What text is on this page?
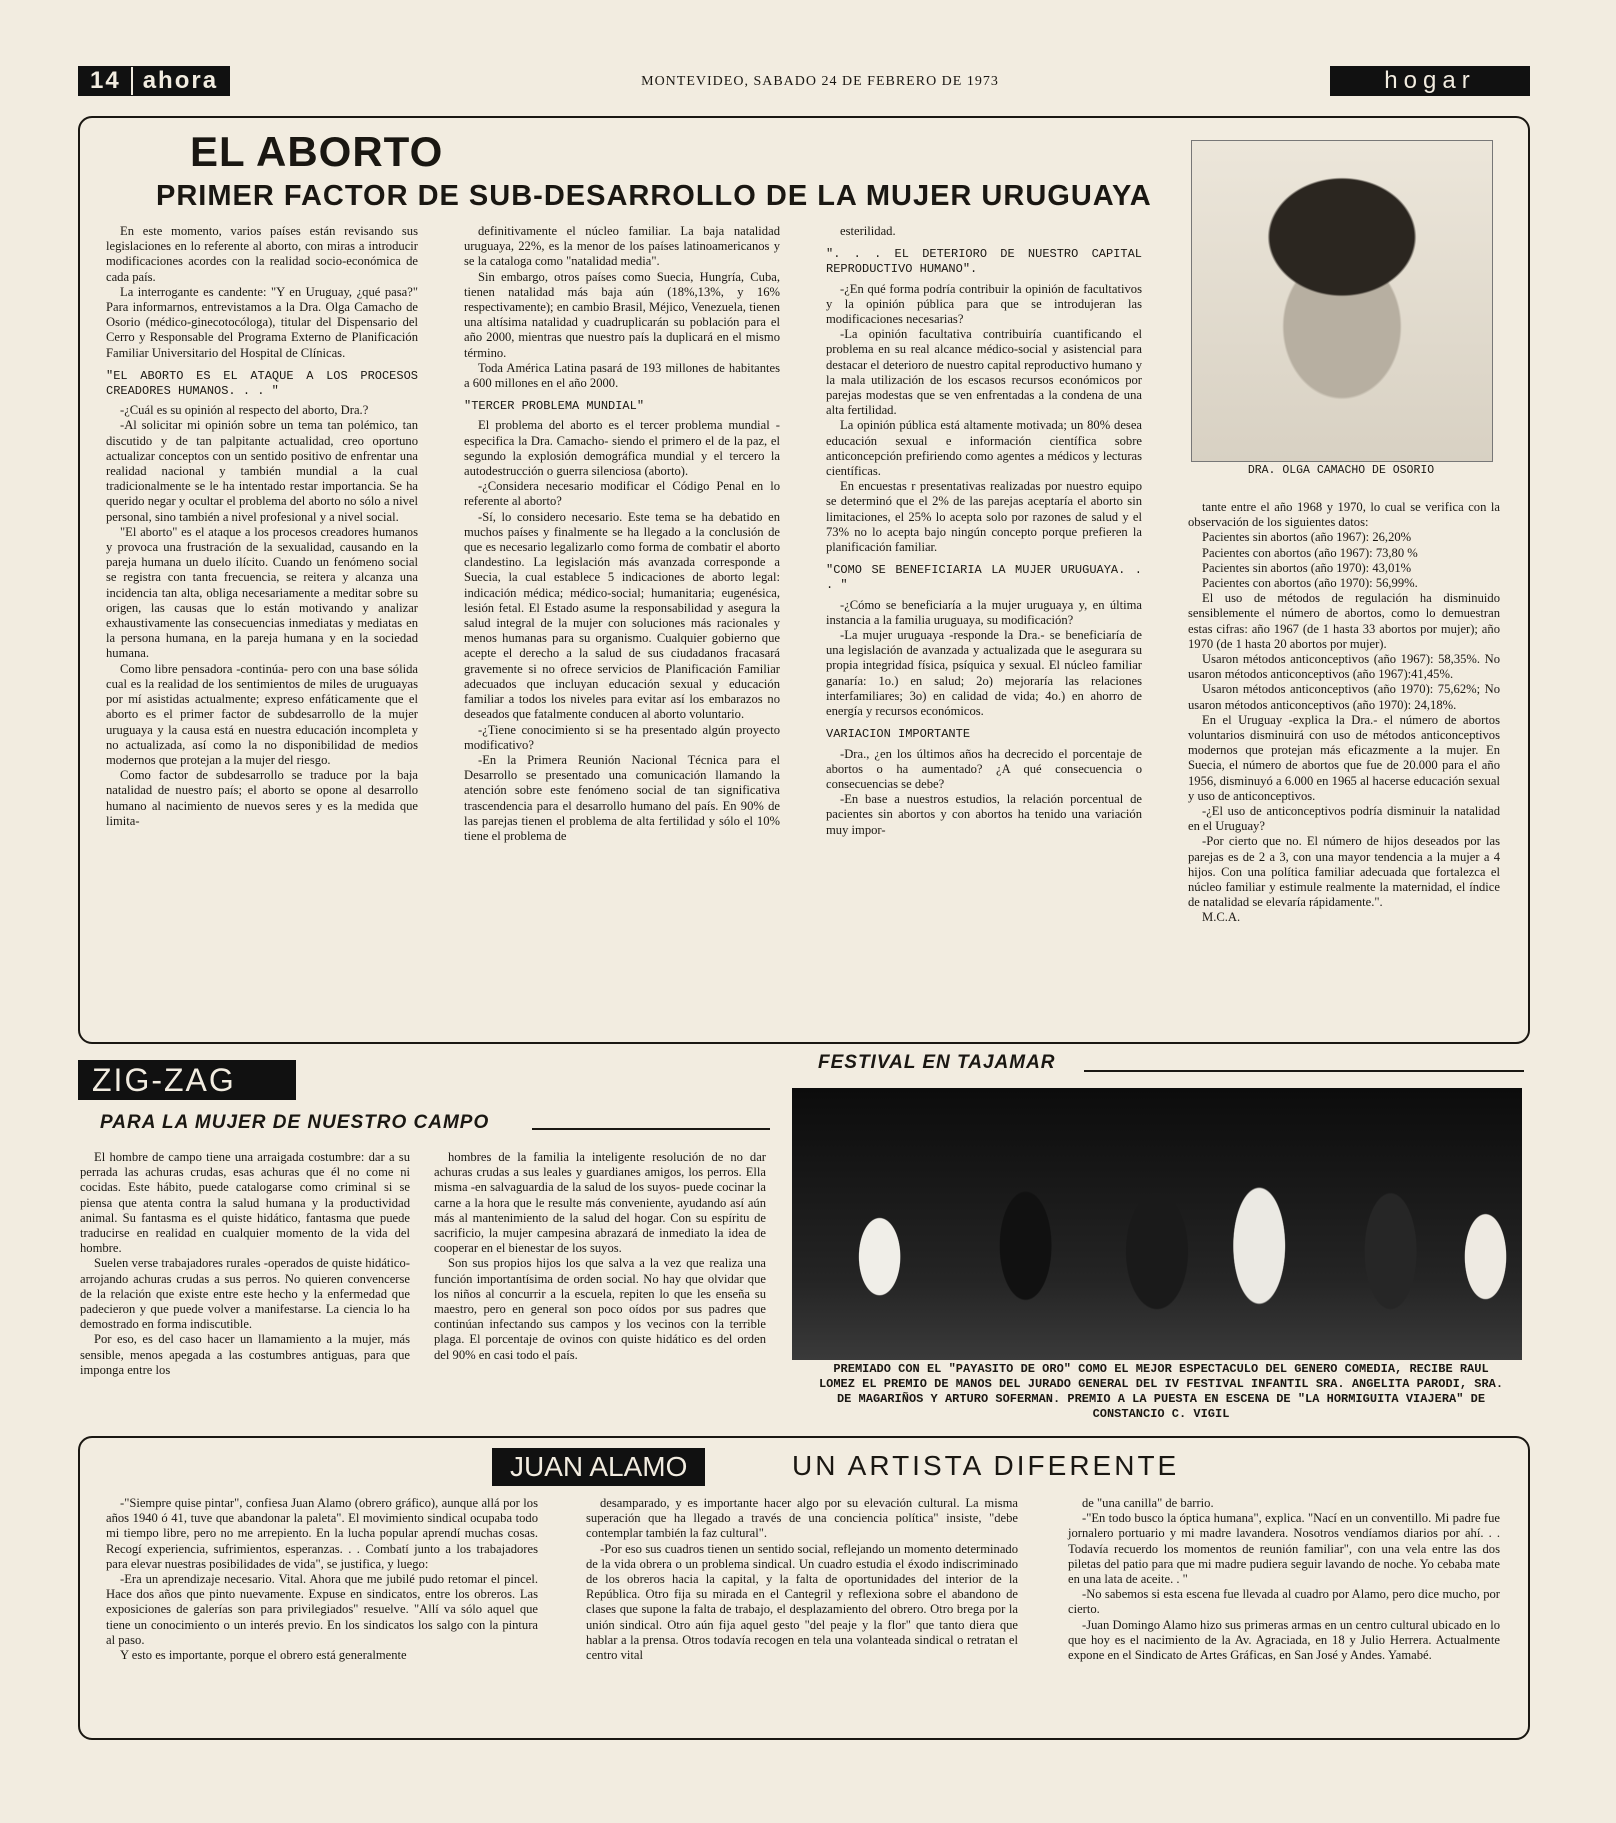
14 ahora	MONTEVIDEO, SABADO 24 DE FEBRERO DE 1973	hogar
EL ABORTO
PRIMER FACTOR DE SUB-DESARROLLO DE LA MUJER URUGUAYA

En este momento, varios países están revisando sus legislaciones en lo referente al aborto, con miras a introducir modificaciones acordes con la realidad socio-económica de cada país.

La interrogante es candente: "Y en Uruguay, ¿qué pasa?" Para informarnos, entrevistamos a la Dra. Olga Camacho de Osorio (médico-ginecotocóloga), titular del Dispensario del Cerro y Responsable del Programa Externo de Planificación Familiar Universitario del Hospital de Clínicas.

"EL ABORTO ES EL ATAQUE A LOS PROCESOS CREADORES HUMANOS. . . "

-¿Cuál es su opinión al respecto del aborto, Dra.?

-Al solicitar mi opinión sobre un tema tan polémico, tan discutido y de tan palpitante actualidad, creo oportuno actualizar conceptos con un sentido positivo de enfrentar una realidad nacional y también mundial a la cual tradicionalmente se le ha intentado restar importancia. Se ha querido negar y ocultar el problema del aborto no sólo a nivel personal, sino también a nivel profesional y a nivel social.

"El aborto" es el ataque a los procesos creadores humanos y provoca una frustración de la sexualidad, causando en la pareja humana un duelo ilícito. Cuando un fenómeno social se registra con tanta frecuencia, se reitera y alcanza una incidencia tan alta, obliga necesariamente a meditar sobre su origen, las causas que lo están motivando y analizar exhaustivamente las consecuencias inmediatas y mediatas en la persona humana, en la pareja humana y en la sociedad humana.

Como libre pensadora -continúa- pero con una base sólida cual es la realidad de los sentimientos de miles de uruguayas por mí asistidas actualmente; expreso enfáticamente que el aborto es el primer factor de subdesarrollo de la mujer uruguaya y la causa está en nuestra educación incompleta y no actualizada, así como la no disponibilidad de medios modernos que protejan a la mujer del riesgo.

Como factor de subdesarrollo se traduce por la baja natalidad de nuestro país; el aborto se opone al desarrollo humano al nacimiento de nuevos seres y es la medida que limita-

definitivamente el núcleo familiar. La baja natalidad uruguaya, 22%, es la menor de los países latinoamericanos y se la cataloga como "natalidad media".

Sin embargo, otros países como Suecia, Hungría, Cuba, tienen natalidad más baja aún (18%,13%, y 16% respectivamente); en cambio Brasil, Méjico, Venezuela, tienen una altísima natalidad y cuadruplicarán su población para el año 2000, mientras que nuestro país la duplicará en el mismo término.

Toda América Latina pasará de 193 millones de habitantes a 600 millones en el año 2000.

"TERCER PROBLEMA MUNDIAL"

El problema del aborto es el tercer problema mundial -especifica la Dra. Camacho- siendo el primero el de la paz, el segundo la explosión demográfica mundial y el tercero la autodestrucción o guerra silenciosa (aborto).

-¿Considera necesario modificar el Código Penal en lo referente al aborto?

-Sí, lo considero necesario. Este tema se ha debatido en muchos países y finalmente se ha llegado a la conclusión de que es necesario legalizarlo como forma de combatir el aborto clandestino. La legislación más avanzada corresponde a Suecia, la cual establece 5 indicaciones de aborto legal: indicación médica; médico-social; humanitaria; eugenésica, lesión fetal. El Estado asume la responsabilidad y asegura la salud integral de la mujer con soluciones más racionales y menos humanas para su organismo. Cualquier gobierno que acepte el derecho a la salud de sus ciudadanos fracasará gravemente si no ofrece servicios de Planificación Familiar adecuados que incluyan educación sexual y educación familiar a todos los niveles para evitar así los embarazos no deseados que fatalmente conducen al aborto voluntario.

-¿Tiene conocimiento si se ha presentado algún proyecto modificativo?

-En la Primera Reunión Nacional Técnica para el Desarrollo se presentado una comunicación llamando la atención sobre este fenómeno social de tan significativa trascendencia para el desarrollo humano del país. En 90% de las parejas tienen el problema de alta fertilidad y sólo el 10% tiene el problema de

esterilidad.

". . . EL DETERIORO DE NUESTRO CAPITAL REPRODUCTIVO HUMANO".

-¿En qué forma podría contribuir la opinión de facultativos y la opinión pública para que se introdujeran las modificaciones necesarias?

-La opinión facultativa contribuiría cuantificando el problema en su real alcance médico-social y asistencial para destacar el deterioro de nuestro capital reproductivo humano y la mala utilización de los escasos recursos económicos por parejas modestas que se ven enfrentadas a la condena de una alta fertilidad.

La opinión pública está altamente motivada; un 80% desea educación sexual e información científica sobre anticoncepción prefiriendo como agentes a médicos y lecturas científicas.

En encuestas r presentativas realizadas por nuestro equipo se determinó que el 2% de las parejas aceptaría el aborto sin limitaciones, el 25% lo acepta solo por razones de salud y el 73% no lo acepta bajo ningún concepto porque prefieren la planificación familiar.

"COMO SE BENEFICIARIA LA MUJER URUGUAYA. . . "

-¿Cómo se beneficiaría a la mujer uruguaya y, en última instancia a la familia uruguaya, su modificación?

-La mujer uruguaya -responde la Dra.- se beneficiaría de una legislación de avanzada y actualizada que le asegurara su propia integridad física, psíquica y sexual. El núcleo familiar ganaría: 1o.) en salud; 2o) mejoraría las relaciones interfamiliares; 3o) en calidad de vida; 4o.) en ahorro de energía y recursos económicos.

VARIACION IMPORTANTE

-Dra., ¿en los últimos años ha decrecido el porcentaje de abortos o ha aumentado? ¿A qué consecuencia o consecuencias se debe?

-En base a nuestros estudios, la relación porcentual de pacientes sin abortos y con abortos ha tenido una variación muy impor-

DRA. OLGA CAMACHO DE OSORIO

tante entre el año 1968 y 1970, lo cual se verifica con la observación de los siguientes datos:

Pacientes sin abortos (año 1967): 26,20%

Pacientes con abortos (año 1967): 73,80 %

Pacientes sin abortos (año 1970): 43,01%

Pacientes con abortos (año 1970): 56,99%.

El uso de métodos de regulación ha disminuido sensiblemente el número de abortos, como lo demuestran estas cifras: año 1967 (de 1 hasta 33 abortos por mujer); año 1970 (de 1 hasta 20 abortos por mujer).

Usaron métodos anticonceptivos (año 1967): 58,35%. No usaron métodos anticonceptivos (año 1967):41,45%.

Usaron métodos anticonceptivos (año 1970): 75,62%; No usaron métodos anticonceptivos (año 1970): 24,18%.

En el Uruguay -explica la Dra.- el número de abortos voluntarios disminuirá con uso de métodos anticonceptivos modernos que protejan más eficazmente a la mujer. En Suecia, el número de abortos que fue de 20.000 para el año 1956, disminuyó a 6.000 en 1965 al hacerse educación sexual y uso de anticonceptivos.

-¿El uso de anticonceptivos podría disminuir la natalidad en el Uruguay?

-Por cierto que no. El número de hijos deseados por las parejas es de 2 a 3, con una mayor tendencia a la mujer a 4 hijos. Con una política familiar adecuada que fortalezca el núcleo familiar y estimule realmente la maternidad, el índice de natalidad se elevaría rápidamente.".

M.C.A.

ZIG-ZAG
PARA LA MUJER DE NUESTRO CAMPO

El hombre de campo tiene una arraigada costumbre: dar a su perrada las achuras crudas, esas achuras que él no come ni cocidas. Este hábito, puede catalogarse como criminal si se piensa que atenta contra la salud humana y la productividad animal. Su fantasma es el quiste hidático, fantasma que puede traducirse en realidad en cualquier momento de la vida del hombre.

Suelen verse trabajadores rurales -operados de quiste hidático- arrojando achuras crudas a sus perros. No quieren convencerse de la relación que existe entre este hecho y la enfermedad que padecieron y que puede volver a manifestarse. La ciencia lo ha demostrado en forma indiscutible.

Por eso, es del caso hacer un llamamiento a la mujer, más sensible, menos apegada a las costumbres antiguas, para que imponga entre los

hombres de la familia la inteligente resolución de no dar achuras crudas a sus leales y guardianes amigos, los perros. Ella misma -en salvaguardia de la salud de los suyos- puede cocinar la carne a la hora que le resulte más conveniente, ayudando así aún más al mantenimiento de la salud del hogar. Con su espíritu de sacrificio, la mujer campesina abrazará de inmediato la idea de cooperar en el bienestar de los suyos.

Son sus propios hijos los que salva a la vez que realiza una función importantísima de orden social. No hay que olvidar que los niños al concurrir a la escuela, repiten lo que les enseña su maestro, pero en general son poco oídos por sus padres que continúan infectando sus campos y los vecinos con la terrible plaga. El porcentaje de ovinos con quiste hidático es del orden del 90% en casi todo el país.

FESTIVAL EN TAJAMAR
PREMIADO CON EL "PAYASITO DE ORO" COMO EL MEJOR ESPECTACULO DEL GENERO COMEDIA, RECIBE RAUL LOMEZ EL PREMIO DE MANOS DEL JURADO GENERAL DEL IV FESTIVAL INFANTIL SRA. ANGELITA PARODI, SRA. DE MAGARIÑOS Y ARTURO SOFERMAN. PREMIO A LA PUESTA EN ESCENA DE "LA HORMIGUITA VIAJERA" DE CONSTANCIO C. VIGIL
JUAN ALAMO	UN ARTISTA DIFERENTE

-"Siempre quise pintar", confiesa Juan Alamo (obrero gráfico), aunque allá por los años 1940 ó 41, tuve que abandonar la paleta". El movimiento sindical ocupaba todo mi tiempo libre, pero no me arrepiento. En la lucha popular aprendí muchas cosas. Recogí experiencia, sufrimientos, esperanzas. . . Combatí junto a los trabajadores para elevar nuestras posibilidades de vida", se justifica, y luego:

-Era un aprendizaje necesario. Vital. Ahora que me jubilé pudo retomar el pincel. Hace dos años que pinto nuevamente. Expuse en sindicatos, entre los obreros. Las exposiciones de galerías son para privilegiados" resuelve. "Allí va sólo aquel que tiene un conocimiento o un interés previo. En los sindicatos los salgo con la pintura al paso.

Y esto es importante, porque el obrero está generalmente

desamparado, y es importante hacer algo por su elevación cultural. La misma superación que ha llegado a través de una conciencia política" insiste, "debe contemplar también la faz cultural".

-Por eso sus cuadros tienen un sentido social, reflejando un momento determinado de la vida obrera o un problema sindical. Un cuadro estudia el éxodo indiscriminado de los obreros hacia la capital, y la falta de oportunidades del interior de la República. Otro fija su mirada en el Cantegril y reflexiona sobre el abandono de clases que supone la falta de trabajo, el desplazamiento del obrero. Otro brega por la unión sindical. Otro aún fija aquel gesto "del peaje y la flor" que tanto diera que hablar a la prensa. Otros todavía recogen en tela una volanteada sindical o retratan el centro vital

de "una canilla" de barrio.

-"En todo busco la óptica humana", explica. "Nací en un conventillo. Mi padre fue jornalero portuario y mi madre lavandera. Nosotros vendíamos diarios por ahí. . . Todavía recuerdo los momentos de reunión familiar", con una vela entre las dos piletas del patio para que mi madre pudiera seguir lavando de noche. Yo cebaba mate en una lata de aceite. . "

-No sabemos si esta escena fue llevada al cuadro por Alamo, pero dice mucho, por cierto.

-Juan Domingo Alamo hizo sus primeras armas en un centro cultural ubicado en lo que hoy es el nacimiento de la Av. Agraciada, en 18 y Julio Herrera. Actualmente expone en el Sindicato de Artes Gráficas, en San José y Andes. Yamabé.
